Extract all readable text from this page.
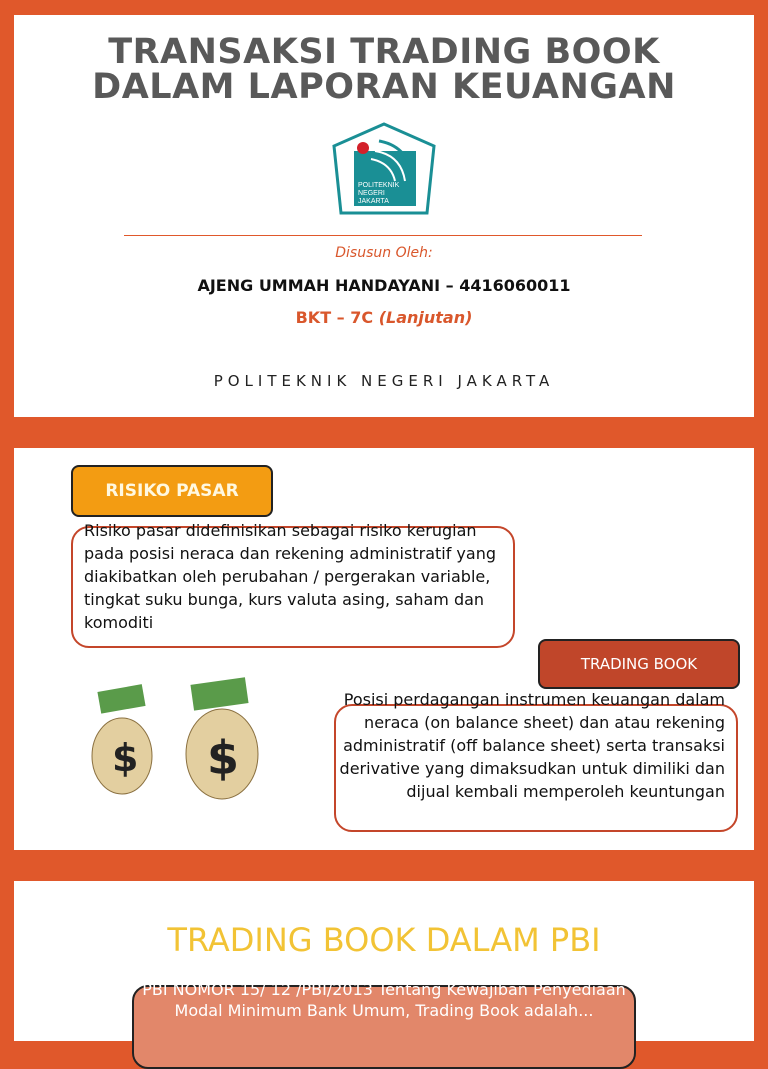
TRANSAKSI TRADING BOOK
DALAM LAPORAN KEUANGAN
POLITEKNIK
NEGERI
JAKARTA
Disusun Oleh:
AJENG UMMAH HANDAYANI – 4416060011
BKT – 7C (Lanjutan)
POLITEKNIK NEGERI JAKARTA
RISIKO PASAR
Risiko pasar didefinisikan sebagai risiko kerugian pada posisi neraca dan rekening administratif yang diakibatkan oleh perubahan / pergerakan variable, tingkat suku bunga, kurs valuta asing, saham dan komoditi
TRADING BOOK
Posisi perdagangan instrumen keuangan dalam neraca (on balance sheet) dan atau rekening administratif (off balance sheet) serta transaksi derivative yang dimaksudkan untuk dimiliki dan dijual kembali memperoleh keuntungan
$ $
TRADING BOOK DALAM PBI
PBI NOMOR 15/ 12 /PBI/2013 Tentang Kewajiban Penyediaan Modal Minimum Bank Umum, Trading Book adalah...
